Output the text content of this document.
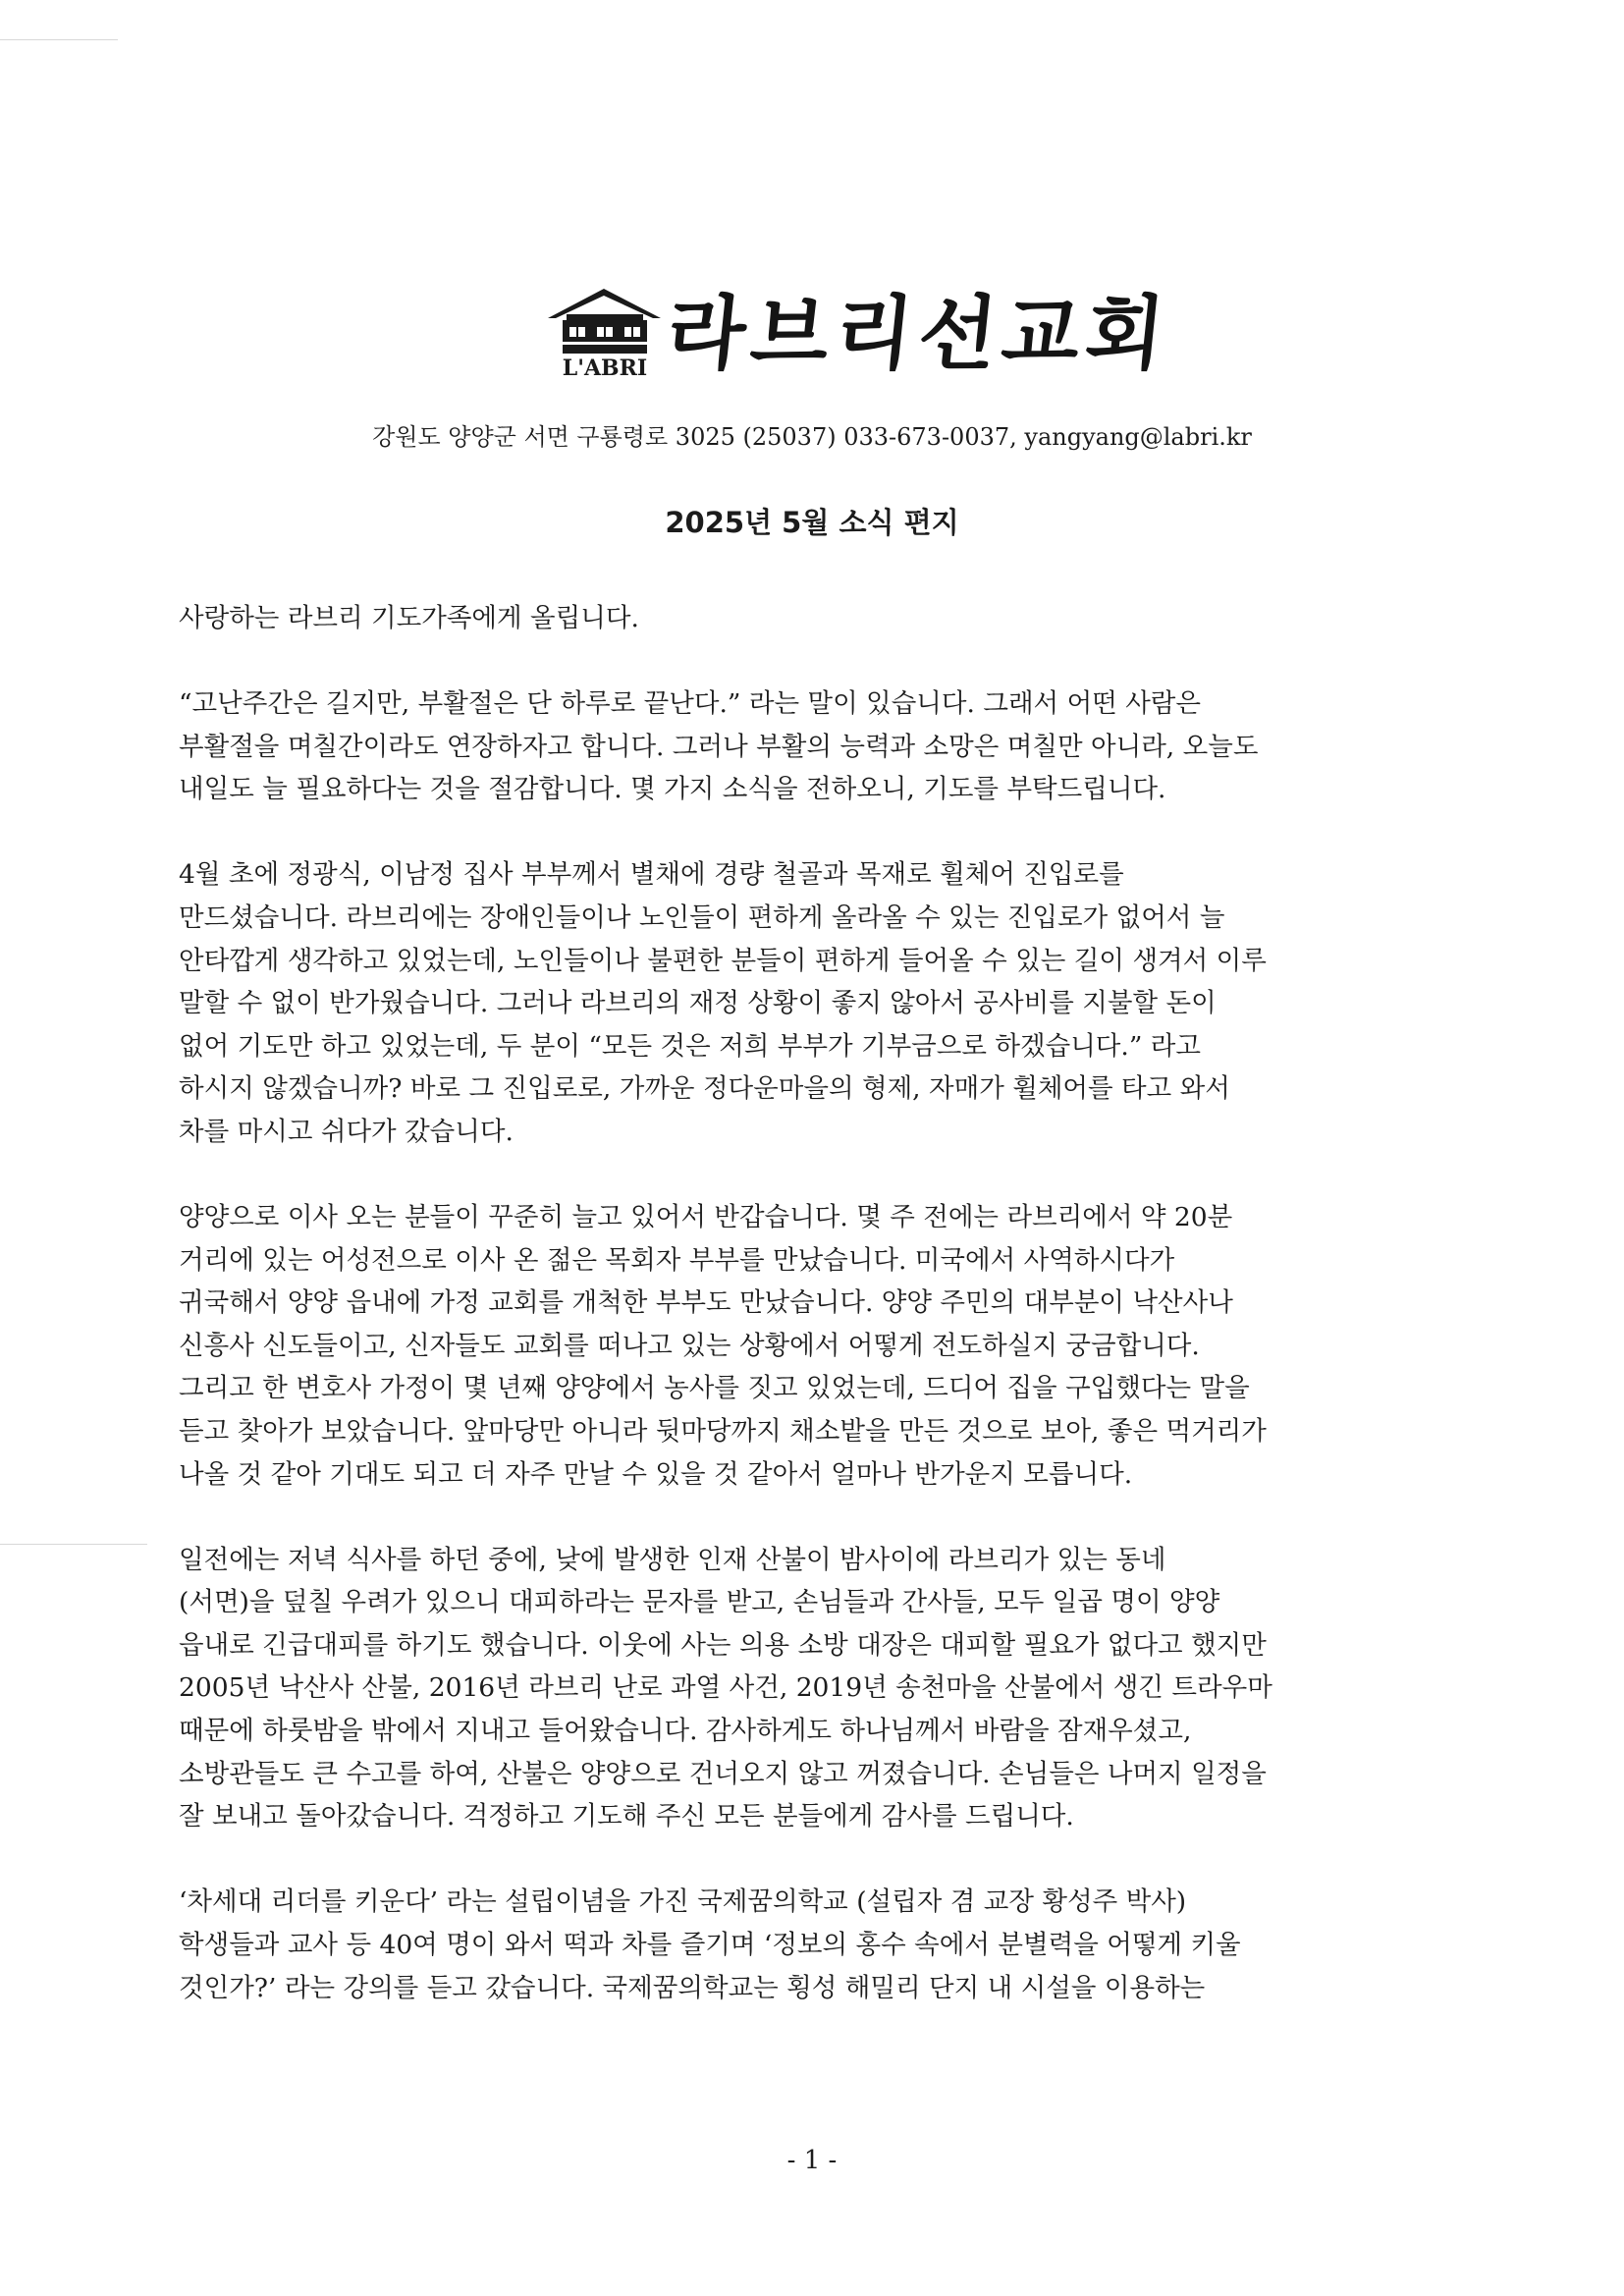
L'ABRI 라브리선교회
강원도 양양군 서면 구룡령로 3025 (25037) 033-673-0037, yangyang@labri.kr
2025년 5월 소식 편지
사랑하는 라브리 기도가족에게 올립니다.
“고난주간은 길지만, 부활절은 단 하루로 끝난다.” 라는 말이 있습니다. 그래서 어떤 사람은
부활절을 며칠간이라도 연장하자고 합니다. 그러나 부활의 능력과 소망은 며칠만 아니라, 오늘도
내일도 늘 필요하다는 것을 절감합니다. 몇 가지 소식을 전하오니, 기도를 부탁드립니다.
4월 초에 정광식, 이남정 집사 부부께서 별채에 경량 철골과 목재로 휠체어 진입로를
만드셨습니다. 라브리에는 장애인들이나 노인들이 편하게 올라올 수 있는 진입로가 없어서 늘
안타깝게 생각하고 있었는데, 노인들이나 불편한 분들이 편하게 들어올 수 있는 길이 생겨서 이루
말할 수 없이 반가웠습니다. 그러나 라브리의 재정 상황이 좋지 않아서 공사비를 지불할 돈이
없어 기도만 하고 있었는데, 두 분이 “모든 것은 저희 부부가 기부금으로 하겠습니다.” 라고
하시지 않겠습니까? 바로 그 진입로로, 가까운 정다운마을의 형제, 자매가 휠체어를 타고 와서
차를 마시고 쉬다가 갔습니다.
양양으로 이사 오는 분들이 꾸준히 늘고 있어서 반갑습니다. 몇 주 전에는 라브리에서 약 20분
거리에 있는 어성전으로 이사 온 젊은 목회자 부부를 만났습니다. 미국에서 사역하시다가
귀국해서 양양 읍내에 가정 교회를 개척한 부부도 만났습니다. 양양 주민의 대부분이 낙산사나
신흥사 신도들이고, 신자들도 교회를 떠나고 있는 상황에서 어떻게 전도하실지 궁금합니다.
그리고 한 변호사 가정이 몇 년째 양양에서 농사를 짓고 있었는데, 드디어 집을 구입했다는 말을
듣고 찾아가 보았습니다. 앞마당만 아니라 뒷마당까지 채소밭을 만든 것으로 보아, 좋은 먹거리가
나올 것 같아 기대도 되고 더 자주 만날 수 있을 것 같아서 얼마나 반가운지 모릅니다.
일전에는 저녁 식사를 하던 중에, 낮에 발생한 인재 산불이 밤사이에 라브리가 있는 동네
(서면)을 덮칠 우려가 있으니 대피하라는 문자를 받고, 손님들과 간사들, 모두 일곱 명이 양양
읍내로 긴급대피를 하기도 했습니다. 이웃에 사는 의용 소방 대장은 대피할 필요가 없다고 했지만
2005년 낙산사 산불, 2016년 라브리 난로 과열 사건, 2019년 송천마을 산불에서 생긴 트라우마
때문에 하룻밤을 밖에서 지내고 들어왔습니다. 감사하게도 하나님께서 바람을 잠재우셨고,
소방관들도 큰 수고를 하여, 산불은 양양으로 건너오지 않고 꺼졌습니다. 손님들은 나머지 일정을
잘 보내고 돌아갔습니다. 걱정하고 기도해 주신 모든 분들에게 감사를 드립니다.
‘차세대 리더를 키운다’ 라는 설립이념을 가진 국제꿈의학교 (설립자 겸 교장 황성주 박사)
학생들과 교사 등 40여 명이 와서 떡과 차를 즐기며 ‘정보의 홍수 속에서 분별력을 어떻게 키울
것인가?’ 라는 강의를 듣고 갔습니다. 국제꿈의학교는 횡성 해밀리 단지 내 시설을 이용하는
- 1 -
